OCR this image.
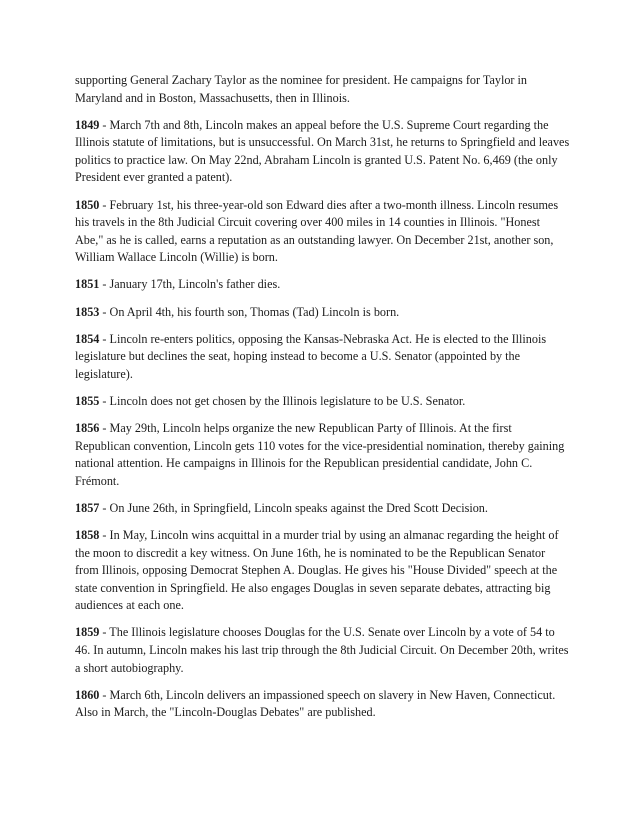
supporting General Zachary Taylor as the nominee for president. He campaigns for Taylor in Maryland and in Boston, Massachusetts, then in Illinois.

1849 - March 7th and 8th, Lincoln makes an appeal before the U.S. Supreme Court regarding the Illinois statute of limitations, but is unsuccessful. On March 31st, he returns to Springfield and leaves politics to practice law. On May 22nd, Abraham Lincoln is granted U.S. Patent No. 6,469 (the only President ever granted a patent).

1850 - February 1st, his three-year-old son Edward dies after a two-month illness. Lincoln resumes his travels in the 8th Judicial Circuit covering over 400 miles in 14 counties in Illinois. "Honest Abe," as he is called, earns a reputation as an outstanding lawyer. On December 21st, another son, William Wallace Lincoln (Willie) is born.

1851 - January 17th, Lincoln's father dies.

1853 - On April 4th, his fourth son, Thomas (Tad) Lincoln is born.

1854 - Lincoln re-enters politics, opposing the Kansas-Nebraska Act. He is elected to the Illinois legislature but declines the seat, hoping instead to become a U.S. Senator (appointed by the legislature).

1855 - Lincoln does not get chosen by the Illinois legislature to be U.S. Senator.

1856 - May 29th, Lincoln helps organize the new Republican Party of Illinois. At the first Republican convention, Lincoln gets 110 votes for the vice-presidential nomination, thereby gaining national attention. He campaigns in Illinois for the Republican presidential candidate, John C. Frémont.

1857 - On June 26th, in Springfield, Lincoln speaks against the Dred Scott Decision.

1858 - In May, Lincoln wins acquittal in a murder trial by using an almanac regarding the height of the moon to discredit a key witness. On June 16th, he is nominated to be the Republican Senator from Illinois, opposing Democrat Stephen A. Douglas. He gives his "House Divided" speech at the state convention in Springfield. He also engages Douglas in seven separate debates, attracting big audiences at each one.

1859 - The Illinois legislature chooses Douglas for the U.S. Senate over Lincoln by a vote of 54 to 46. In autumn, Lincoln makes his last trip through the 8th Judicial Circuit. On December 20th, writes a short autobiography.

1860 - March 6th, Lincoln delivers an impassioned speech on slavery in New Haven, Connecticut. Also in March, the "Lincoln-Douglas Debates" are published.
